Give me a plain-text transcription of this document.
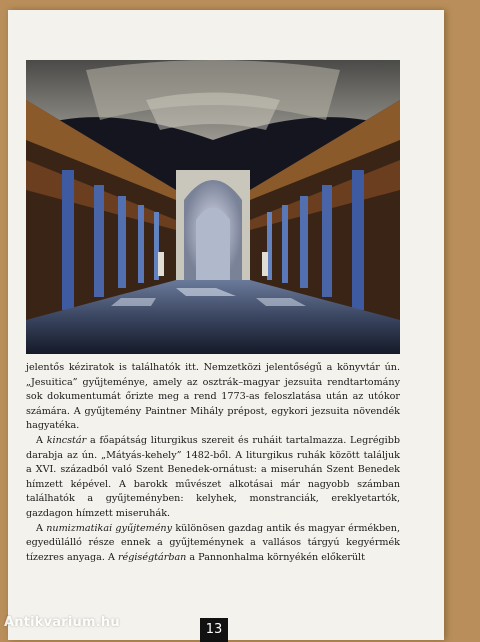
jelentős kéziratok is találhatók itt. Nemzetközi jelentőségű a könyvtár ún. „Jesuitica” gyűjteménye, amely az osztrák–magyar jezsuita rendtartomány sok dokumentumát őrizte meg a rend 1773-as feloszlatása után az utókor számára. A gyűjtemény Paintner Mihály prépost, egykori jezsuita növendék hagyatéka.

A kincstár a főapátság liturgikus szereit és ruháit tartalmazza. Legrégibb darabja az ún. „Mátyás-kehely” 1482-ből. A liturgikus ruhák között találjuk a XVI. századból való Szent Benedek-ornátust: a miseruhán Szent Benedek hímzett képével. A barokk művészet alkotásai már nagyobb számban találhatók a gyűjteményben: kelyhek, monstranciák, ereklyetartók, gazdagon hímzett miseruhák.

A numizmatikai gyűjtemény különösen gazdag antik és magyar érmékben, egyedülálló része ennek a gyűjteménynek a vallásos tárgyú kegyérmék tízezres anyaga. A régiségtárban a Pannonhalma környékén előkerült

13
Antikvarium.hu
